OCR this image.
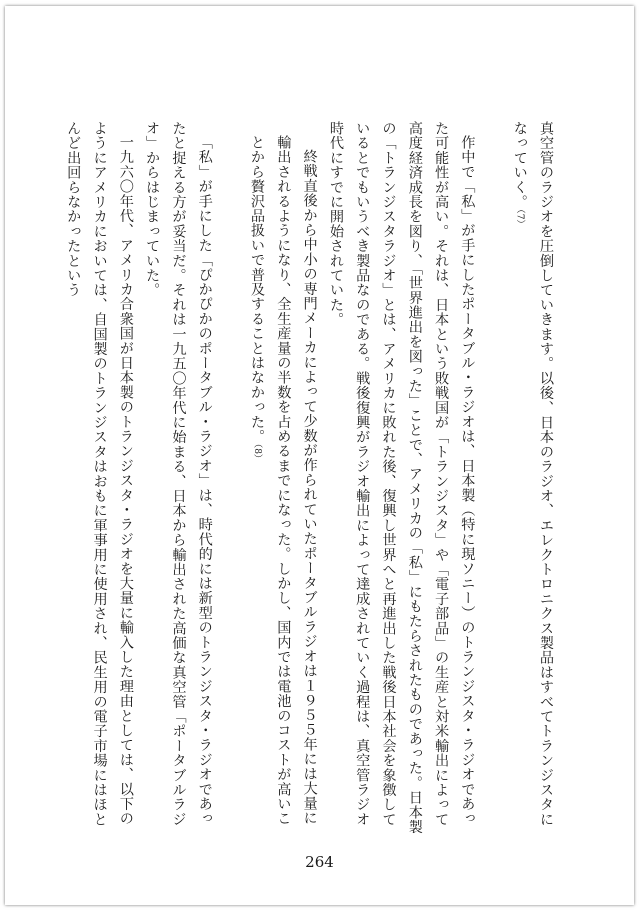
真空管のラジオを圧倒していきます。以後、日本のラジオ、エレクトロニクス製品はすべてトランジスタになっていく。（7）

作中で「私」が手にしたポータブル・ラジオは、日本製（特に現ソニー）のトランジスタ・ラジオであった可能性が高い。それは、日本という敗戦国が「トランジスタ」や「電子部品」の生産と対米輸出によって高度経済成長を図り、「世界進出を図った」ことで、アメリカの「私」にもたらされたものであった。日本製の「トランジスタラジオ」とは、アメリカに敗れた後、復興し世界へと再進出した戦後日本社会を象徴しているとでもいうべき製品なのである。戦後復興がラジオ輸出によって達成されていく過程は、真空管ラジオ時代にすでに開始されていた。

終戦直後から中小の専門メーカによって少数が作られていたポータブルラジオは１９５５年には大量に輸出されるようになり、全生産量の半数を占めるまでになった。しかし、国内では電池のコストが高いことから贅沢品扱いで普及することはなかった。（8）

「私」が手にした「ぴかぴかのポータブル・ラジオ」は、時代的には新型のトランジスタ・ラジオであったと捉える方が妥当だ。それは一九五〇年代に始まる、日本から輸出された高価な真空管「ポータブルラジオ」からはじまっていた。

一九六〇年代、アメリカ合衆国が日本製のトランジスタ・ラジオを大量に輸入した理由としては、以下のようにアメリカにおいては、自国製のトランジスタはおもに軍事用に使用され、民生用の電子市場にはほとんど出回らなかったという

264
